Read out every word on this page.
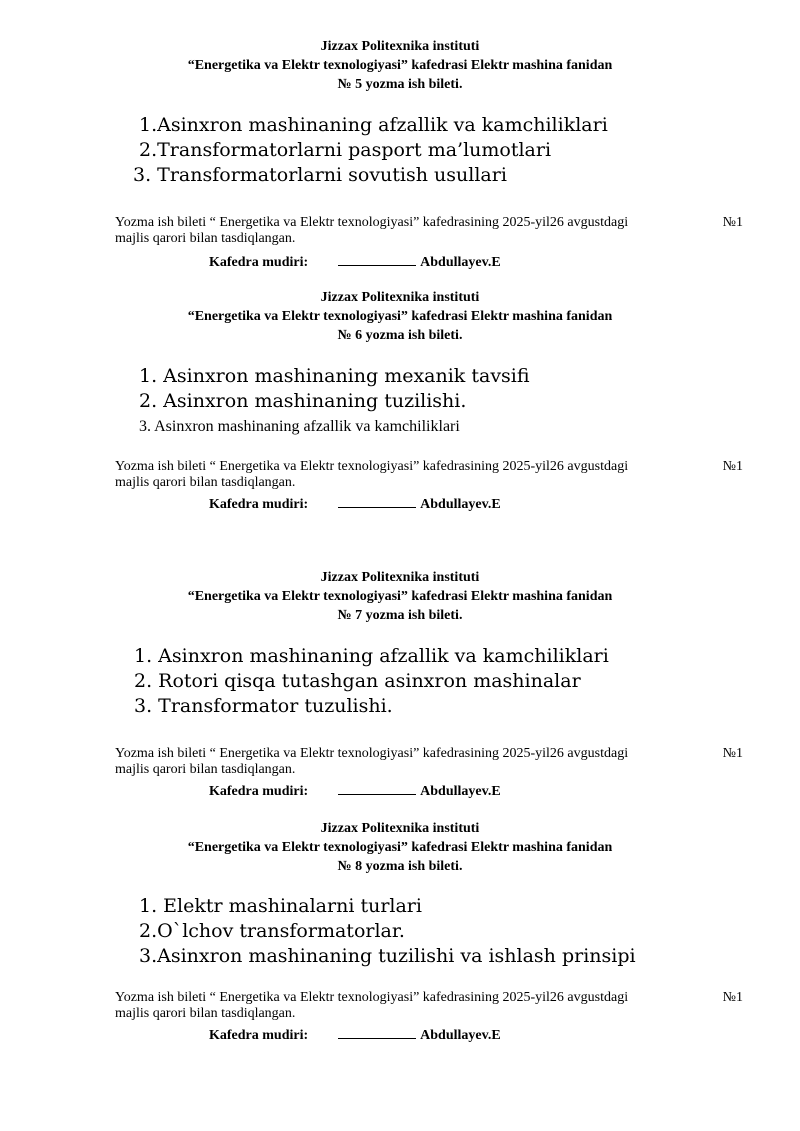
Jizzax Politexnika instituti
“Energetika va Elektr texnologiyasi” kafedrasi Elektr mashina fanidan
№ 5 yozma ish bileti.
1.Asinxron mashinaning afzallik va kamchiliklari
2.Transformatorlarni pasport ma’lumotlari
3. Transformatorlarni sovutish usullari
Yozma ish bileti “ Energetika va Elektr texnologiyasi” kafedrasining 2025-yil26 avgustdagi	№1
majlis qarori bilan tasdiqlangan.
Kafedra mudiri:	Abdullayev.E
Jizzax Politexnika instituti
“Energetika va Elektr texnologiyasi” kafedrasi Elektr mashina fanidan
№ 6 yozma ish bileti.
1. Asinxron mashinaning mexanik tavsifi
2. Asinxron mashinaning tuzilishi.
3. Asinxron mashinaning afzallik va kamchiliklari
Yozma ish bileti “ Energetika va Elektr texnologiyasi” kafedrasining 2025-yil26 avgustdagi	№1
majlis qarori bilan tasdiqlangan.
Kafedra mudiri:	Abdullayev.E
Jizzax Politexnika instituti
“Energetika va Elektr texnologiyasi” kafedrasi Elektr mashina fanidan
№ 7 yozma ish bileti.
1. Asinxron mashinaning afzallik va kamchiliklari
2. Rotori qisqa tutashgan asinxron mashinalar
3. Transformator tuzulishi.
Yozma ish bileti “ Energetika va Elektr texnologiyasi” kafedrasining 2025-yil26 avgustdagi	№1
majlis qarori bilan tasdiqlangan.
Kafedra mudiri:	Abdullayev.E
Jizzax Politexnika instituti
“Energetika va Elektr texnologiyasi” kafedrasi Elektr mashina fanidan
№ 8 yozma ish bileti.
1. Elektr mashinalarni turlari
2.O`lchov transformatorlar.
3.Asinxron mashinaning tuzilishi va ishlash prinsipi
Yozma ish bileti “ Energetika va Elektr texnologiyasi” kafedrasining 2025-yil26 avgustdagi	№1
majlis qarori bilan tasdiqlangan.
Kafedra mudiri:	Abdullayev.E
